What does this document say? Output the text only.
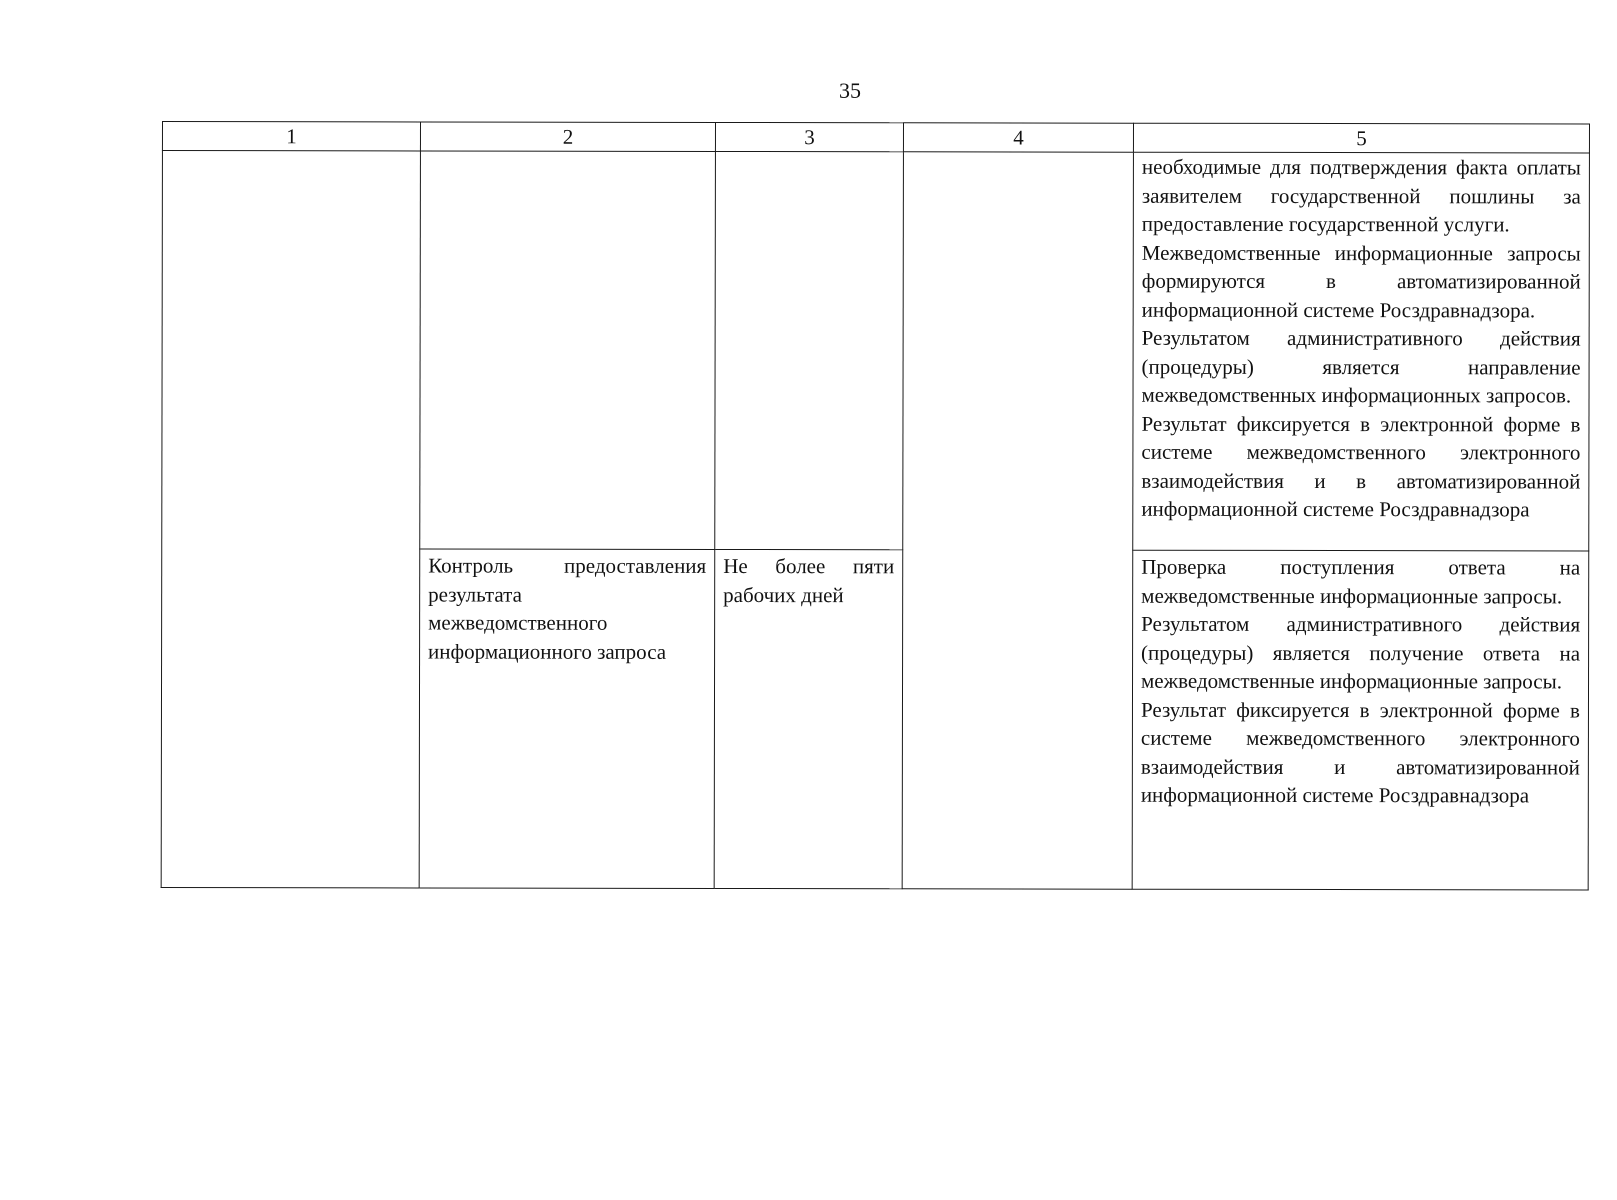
35
1	2	3	4	5

				необходимые для подтверждения факта оплаты заявителем государственной пошлины за предоставление государственной услуги.

Межведомственные информационные запросы формируются в автоматизированной информационной системе Росздравнадзора.

Результатом административного действия (процедуры) является направление межведомственных информационных запросов.

Результат фиксируется в электронной форме в системе межведомственного электронного взаимодействия и в автоматизированной информационной системе Росздравнадзора

	Контроль предоставления результата межведомственного информационного запроса	Не более пяти рабочих дней		Проверка поступления ответа на межведомственные информационные запросы.

Результатом административного действия (процедуры) является получение ответа на межведомственные информационные запросы.

Результат фиксируется в электронной форме в системе межведомственного электронного взаимодействия и автоматизированной информационной системе Росздравнадзора
